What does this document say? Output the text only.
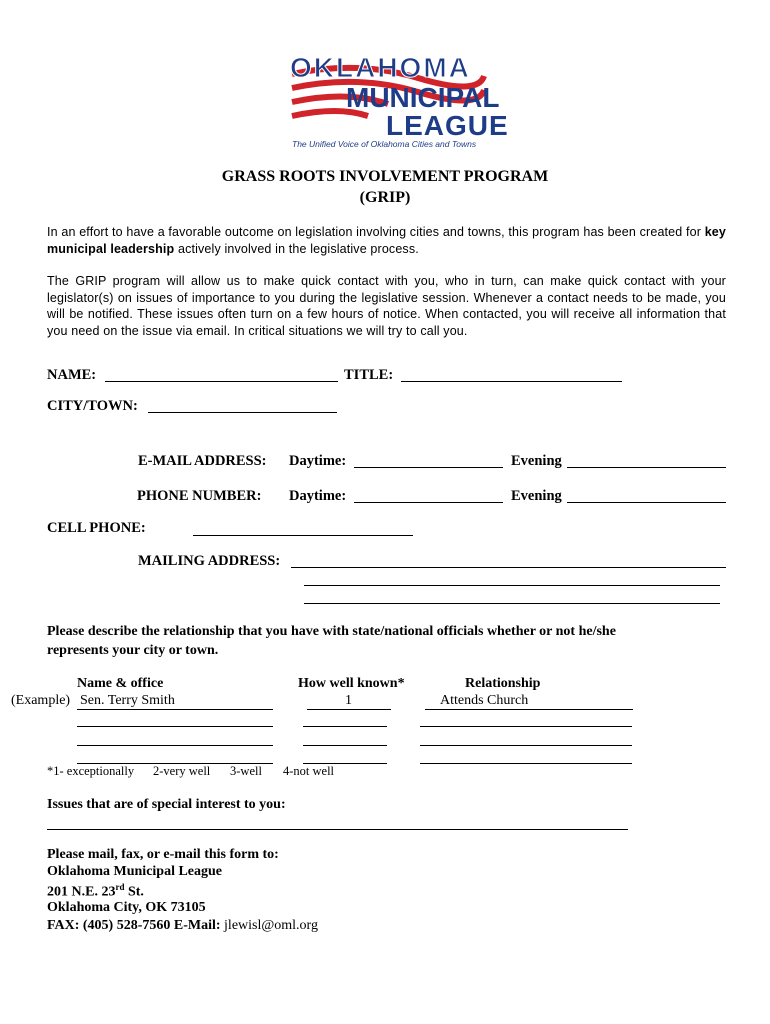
OKLAHOMA
MUNICIPAL
LEAGUE
The Unified Voice of Oklahoma Cities and Towns
GRASS ROOTS INVOLVEMENT PROGRAM
(GRIP)
In an effort to have a favorable outcome on legislation involving cities and towns, this program has been created for key municipal leadership actively involved in the legislative process.
The GRIP program will allow us to make quick contact with you, who in turn, can make quick contact with your legislator(s) on issues of importance to you during the legislative session. Whenever a contact needs to be made, you will be notified. These issues often turn on a few hours of notice. When contacted, you will receive all information that you need on the issue via email. In critical situations we will try to call you.
NAME:	TITLE:
CITY/TOWN:
E-MAIL ADDRESS: Daytime:	Evening
PHONE NUMBER: Daytime:	Evening
CELL PHONE:
MAILING ADDRESS:
Please describe the relationship that you have with state/national officials whether or not he/she
represents your city or town.
Name & office	How well known*	Relationship
(Example) Sen. Terry Smith	1	Attends Church
*1- exceptionally 2-very well 3-well 4-not well
Issues that are of special interest to you:
Please mail, fax, or e-mail this form to:
Oklahoma Municipal League
201 N.E. 23rd St.
Oklahoma City, OK 73105
FAX: (405) 528-7560 E-Mail: jlewisl@oml.org
